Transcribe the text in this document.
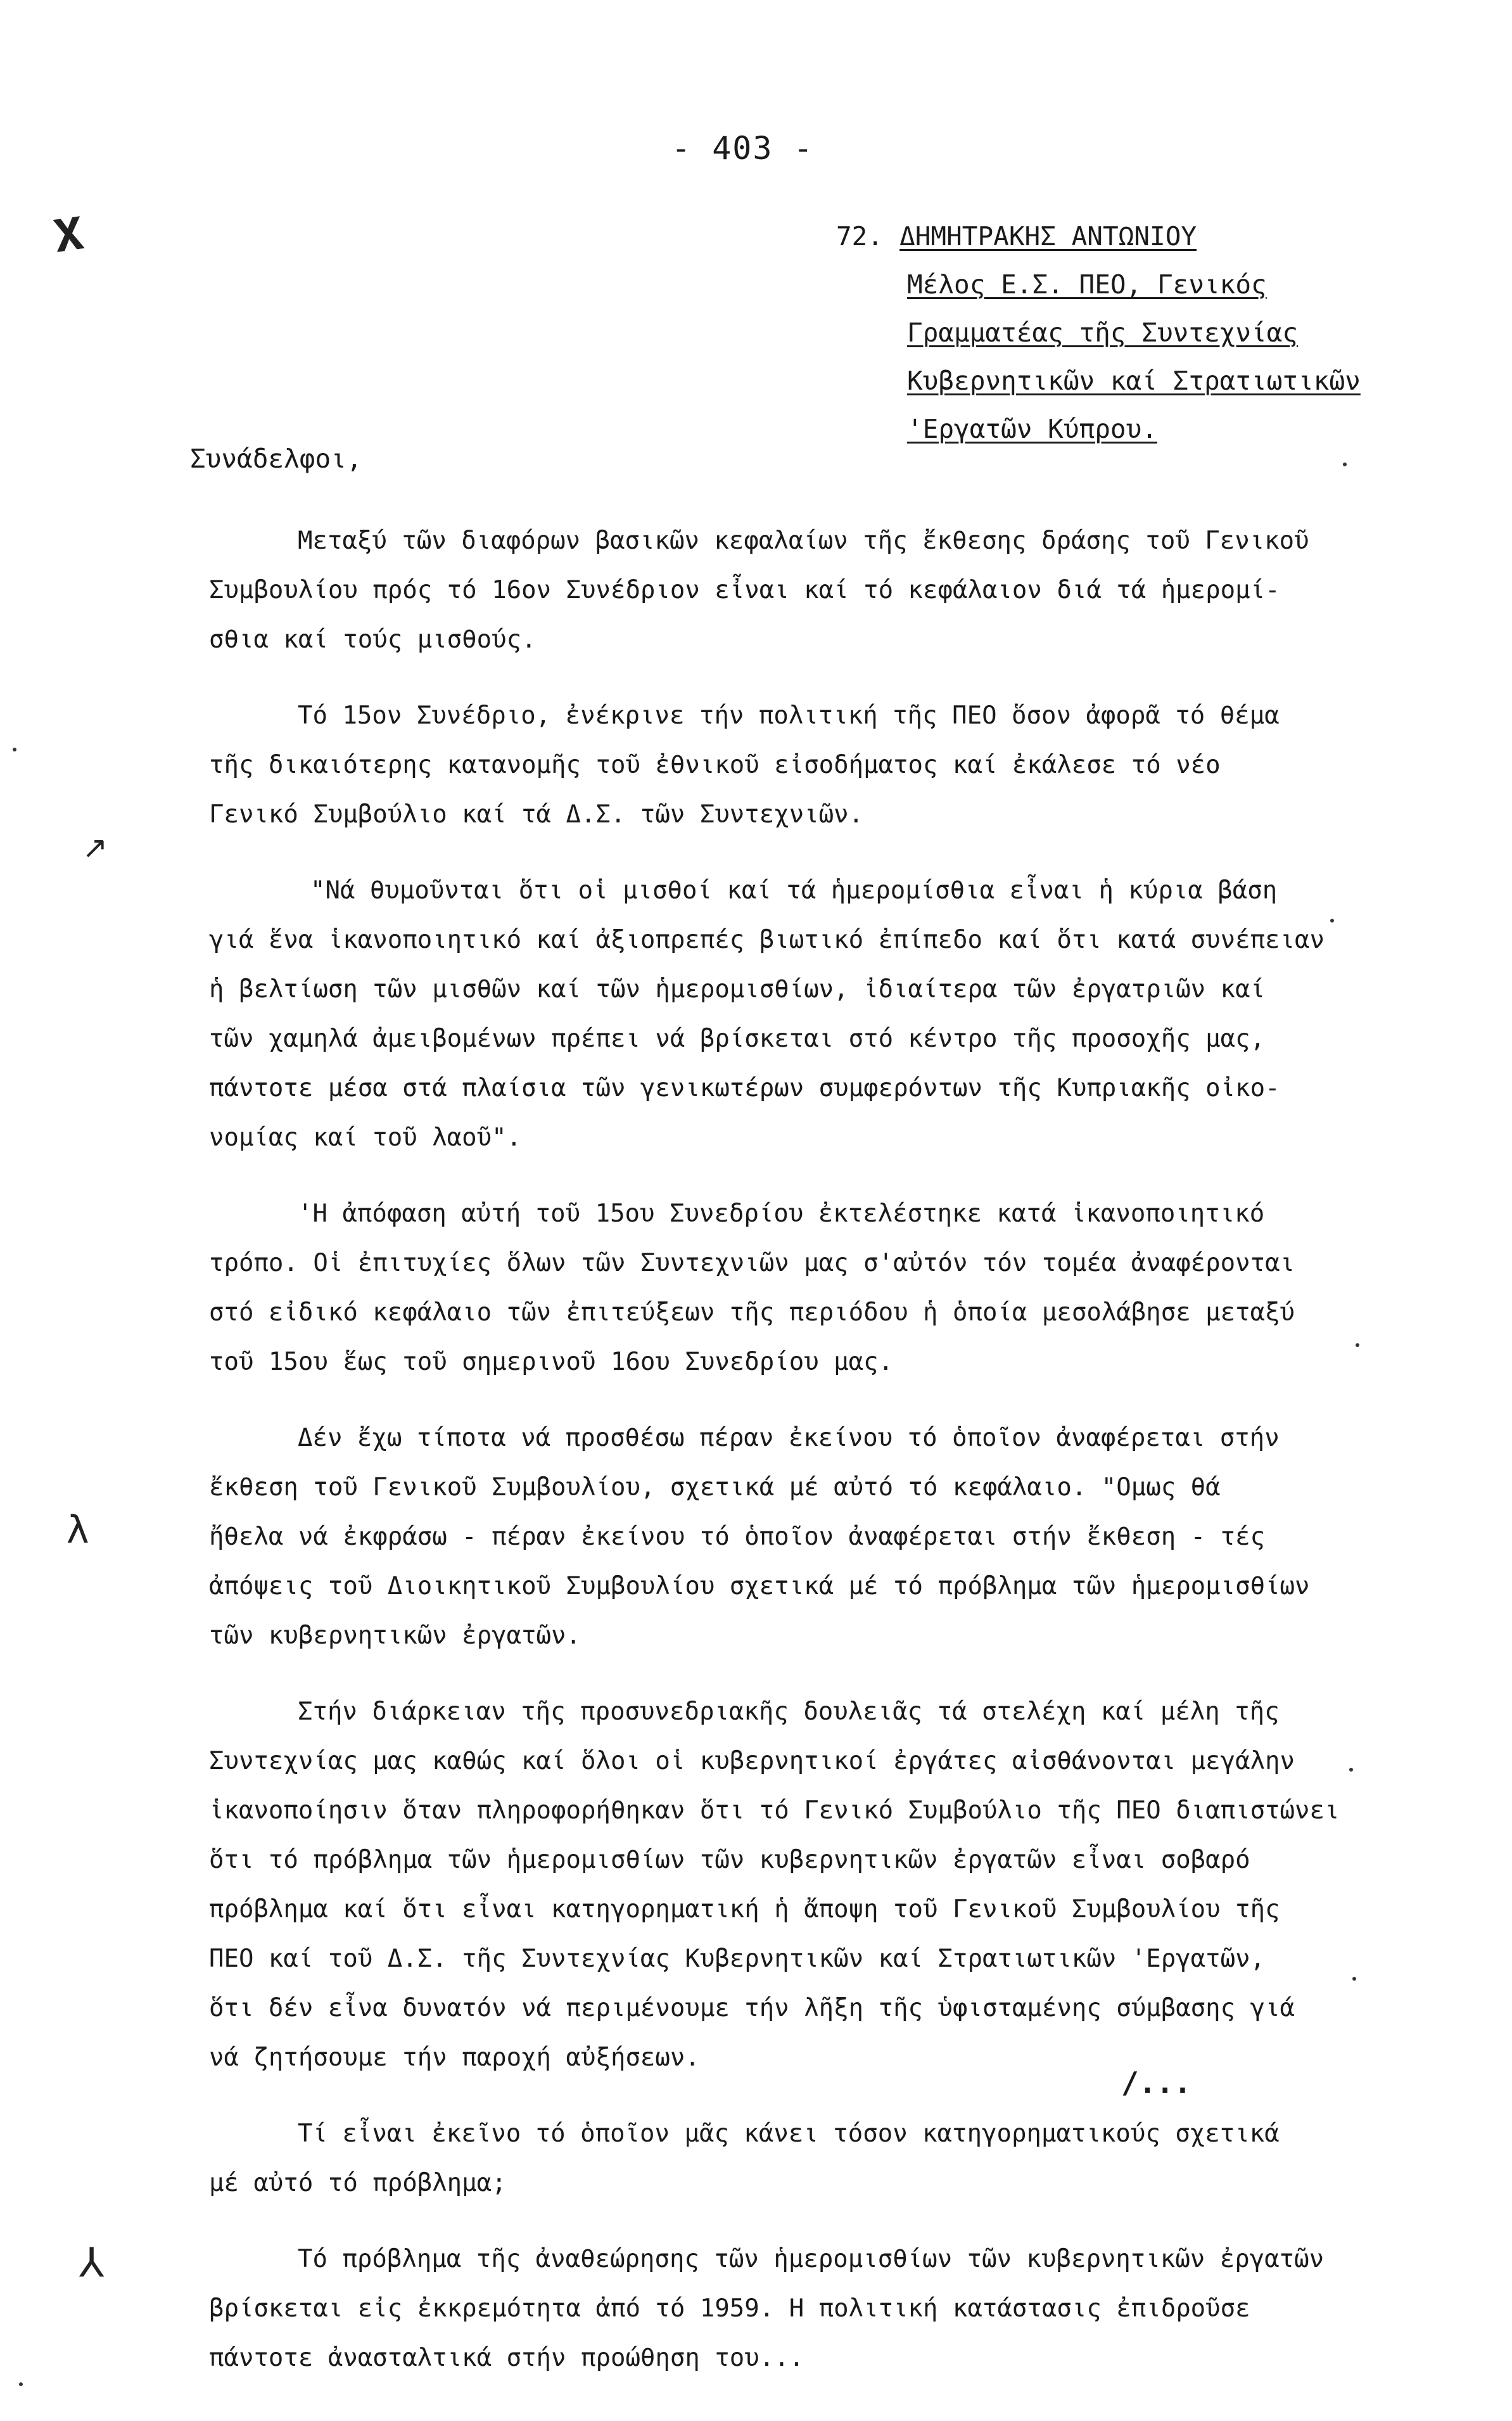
- 403 -
72. ΔΗΜΗΤΡΑΚΗΣ ΑΝΤΩΝΙΟΥ
Μέλος Ε.Σ. ΠΕΟ, Γενικός
Γραμματέας τῆς Συντεχνίας
Κυβερνητικῶν καί Στρατιωτικῶν
'Εργατῶν Κύπρου.
Συνάδελφοι,
Μεταξύ τῶν διαφόρων βασικῶν κεφαλαίων τῆς ἔκθεσης δράσης τοῦ Γενικοῦ
Συμβουλίου πρός τό 16ον Συνέδριον εἶναι καί τό κεφάλαιον διά τά ἡμερομί-
σθια καί τούς μισθούς.
Τό 15ον Συνέδριο, ἐνέκρινε τήν πολιτική τῆς ΠΕΟ ὅσον ἀφορᾶ τό θέμα
τῆς δικαιότερης κατανομῆς τοῦ ἐθνικοῦ εἰσοδήματος καί ἐκάλεσε τό νέο
Γενικό Συμβούλιο καί τά Δ.Σ. τῶν Συντεχνιῶν.
"Νά θυμοῦνται ὅτι οἱ μισθοί καί τά ἡμερομίσθια εἶναι ἡ κύρια βάση
γιά ἕνα ἱκανοποιητικό καί ἀξιοπρεπές βιωτικό ἐπίπεδο καί ὅτι κατά συνέπειαν
ἡ βελτίωση τῶν μισθῶν καί τῶν ἡμερομισθίων, ἰδιαίτερα τῶν ἐργατριῶν καί
τῶν χαμηλά ἀμειβομένων πρέπει νά βρίσκεται στό κέντρο τῆς προσοχῆς μας,
πάντοτε μέσα στά πλαίσια τῶν γενικωτέρων συμφερόντων τῆς Κυπριακῆς οἰκο-
νομίας καί τοῦ λαοῦ".
'Η ἀπόφαση αὐτή τοῦ 15ου Συνεδρίου ἐκτελέστηκε κατά ἱκανοποιητικό
τρόπο. Οἱ ἐπιτυχίες ὅλων τῶν Συντεχνιῶν μας σ'αὐτόν τόν τομέα ἀναφέρονται
στό εἰδικό κεφάλαιο τῶν ἐπιτεύξεων τῆς περιόδου ἡ ὁποία μεσολάβησε μεταξύ
τοῦ 15ου ἕως τοῦ σημερινοῦ 16ου Συνεδρίου μας.
Δέν ἔχω τίποτα νά προσθέσω πέραν ἐκείνου τό ὁποῖον ἀναφέρεται στήν
ἔκθεση τοῦ Γενικοῦ Συμβουλίου, σχετικά μέ αὐτό τό κεφάλαιο. "Ομως θά
ἤθελα νά ἐκφράσω - πέραν ἐκείνου τό ὁποῖον ἀναφέρεται στήν ἔκθεση - τές
ἀπόψεις τοῦ Διοικητικοῦ Συμβουλίου σχετικά μέ τό πρόβλημα τῶν ἡμερομισθίων
τῶν κυβερνητικῶν ἐργατῶν.
Στήν διάρκειαν τῆς προσυνεδριακῆς δουλειᾶς τά στελέχη καί μέλη τῆς
Συντεχνίας μας καθώς καί ὅλοι οἱ κυβερνητικοί ἐργάτες αἰσθάνονται μεγάλην
ἱκανοποίησιν ὅταν πληροφορήθηκαν ὅτι τό Γενικό Συμβούλιο τῆς ΠΕΟ διαπιστώνει
ὅτι τό πρόβλημα τῶν ἡμερομισθίων τῶν κυβερνητικῶν ἐργατῶν εἶναι σοβαρό
πρόβλημα καί ὅτι εἶναι κατηγορηματική ἡ ἄποψη τοῦ Γενικοῦ Συμβουλίου τῆς
ΠΕΟ καί τοῦ Δ.Σ. τῆς Συντεχνίας Κυβερνητικῶν καί Στρατιωτικῶν 'Εργατῶν,
ὅτι δέν εἶνα δυνατόν νά περιμένουμε τήν λῆξη τῆς ὑφισταμένης σύμβασης γιά
νά ζητήσουμε τήν παροχή αὐξήσεων.
Τί εἶναι ἐκεῖνο τό ὁποῖον μᾶς κάνει τόσον κατηγορηματικούς σχετικά
μέ αὐτό τό πρόβλημα;
Τό πρόβλημα τῆς ἀναθεώρησης τῶν ἡμερομισθίων τῶν κυβερνητικῶν ἐργατῶν
βρίσκεται εἰς ἐκκρεμότητα ἀπό τό 1959. Η πολιτική κατάστασις ἐπιδροῦσε
πάντοτε ἀνασταλτικά στήν προώθηση του...
/...
𝚾
↗
λ
⅄
